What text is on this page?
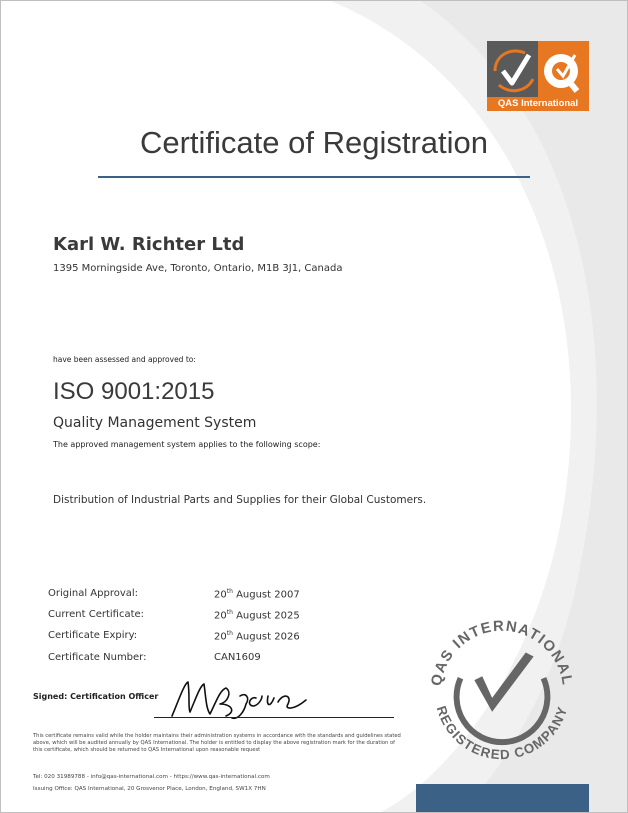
QAS International
Certificate of Registration
Karl W. Richter Ltd
1395 Morningside Ave, Toronto, Ontario, M1B 3J1, Canada
have been assessed and approved to:
ISO 9001:2015
Quality Management System
The approved management system applies to the following scope:
Distribution of Industrial Parts and Supplies for their Global Customers.
Original Approval:	20th August 2007
Current Certificate:	20th August 2025
Certificate Expiry:	20th August 2026
Certificate Number:	CAN1609
Signed: Certification Officer
This certificate remains valid while the holder maintains their administration systems in accordance with the standards and guidelines stated above, which will be audited annually by QAS International. The holder is entitled to display the above registration mark for the duration of this certificate, which should be returned to QAS International upon reasonable request
Tel: 020 31989788 - info@qas-international.com - https://www.qas-international.com
Issuing Office: QAS International, 20 Grosvenor Place, London, England, SW1X 7HN
QAS INTERNATIONAL
REGISTERED COMPANY
